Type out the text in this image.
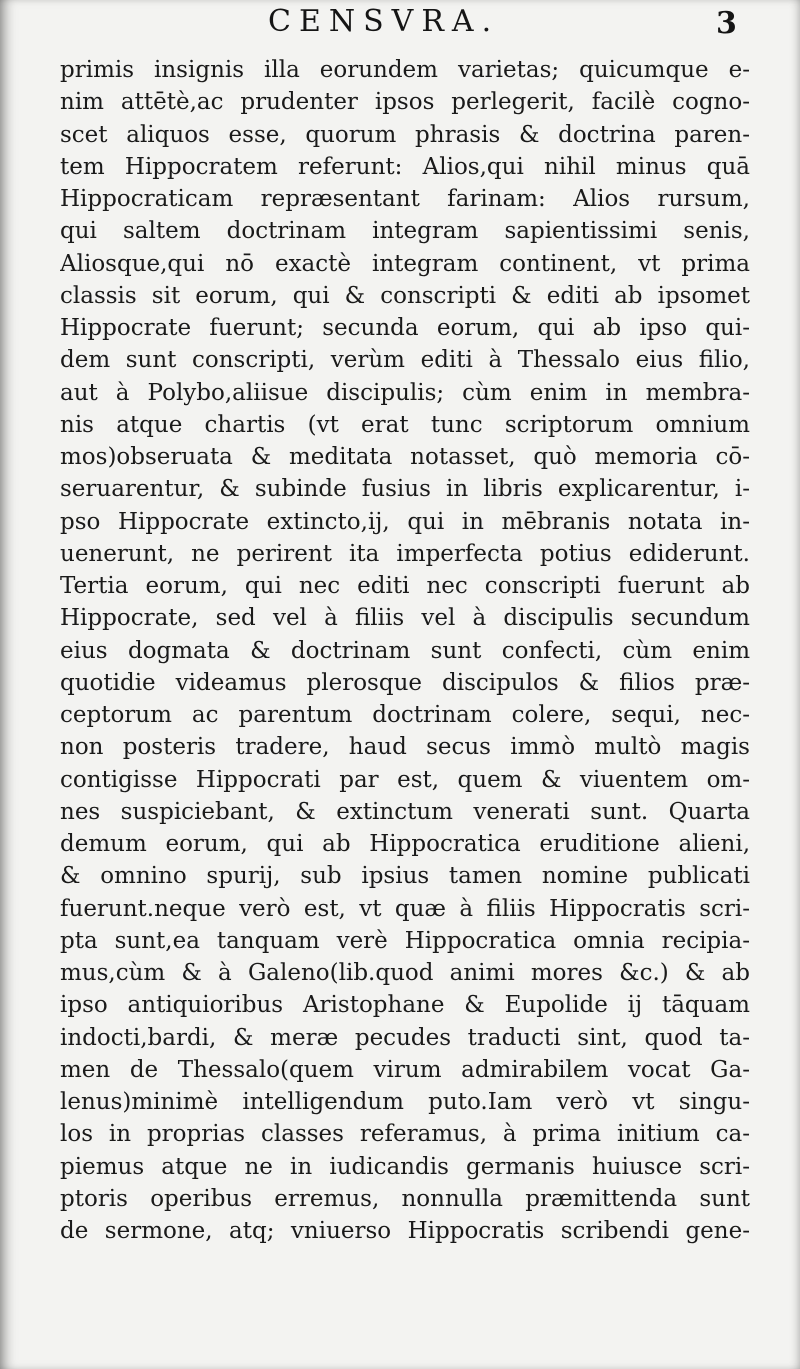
CENSVRA.	3
primis insignis illa eorundem varietas; quicumque e-
nim attētè,ac prudenter ipsos perlegerit, facilè cogno-
scet aliquos esse, quorum phrasis & doctrina paren-
tem Hippocratem referunt: Alios,qui nihil minus quā
Hippocraticam repræsentant farinam: Alios rursum,
qui saltem doctrinam integram sapientissimi senis,
Aliosque,qui nō exactè integram continent, vt prima
classis sit eorum, qui & conscripti & editi ab ipsomet
Hippocrate fuerunt; secunda eorum, qui ab ipso qui-
dem sunt conscripti, verùm editi à Thessalo eius filio,
aut à Polybo,aliisue discipulis; cùm enim in membra-
nis atque chartis (vt erat tunc scriptorum omnium
mos)obseruata & meditata notasset, quò memoria cō-
seruarentur, & subinde fusius in libris explicarentur, i-
pso Hippocrate extincto,ij, qui in mēbranis notata in-
uenerunt, ne perirent ita imperfecta potius ediderunt.
Tertia eorum, qui nec editi nec conscripti fuerunt ab
Hippocrate, sed vel à filiis vel à discipulis secundum
eius dogmata & doctrinam sunt confecti, cùm enim
quotidie videamus plerosque discipulos & filios præ-
ceptorum ac parentum doctrinam colere, sequi, nec-
non posteris tradere, haud secus immò multò magis
contigisse Hippocrati par est, quem & viuentem om-
nes suspiciebant, & extinctum venerati sunt. Quarta
demum eorum, qui ab Hippocratica eruditione alieni,
& omnino spurij, sub ipsius tamen nomine publicati
fuerunt.neque verò est, vt quæ à filiis Hippocratis scri-
pta sunt,ea tanquam verè Hippocratica omnia recipia-
mus,cùm & à Galeno(lib.quod animi mores &c.) & ab
ipso antiquioribus Aristophane & Eupolide ij tāquam
indocti,bardi, & meræ pecudes traducti sint, quod ta-
men de Thessalo(quem virum admirabilem vocat Ga-
lenus)minimè intelligendum puto.Iam verò vt singu-
los in proprias classes referamus, à prima initium ca-
piemus atque ne in iudicandis germanis huiusce scri-
ptoris operibus erremus, nonnulla præmittenda sunt
de sermone, atq; vniuerso Hippocratis scribendi gene-
